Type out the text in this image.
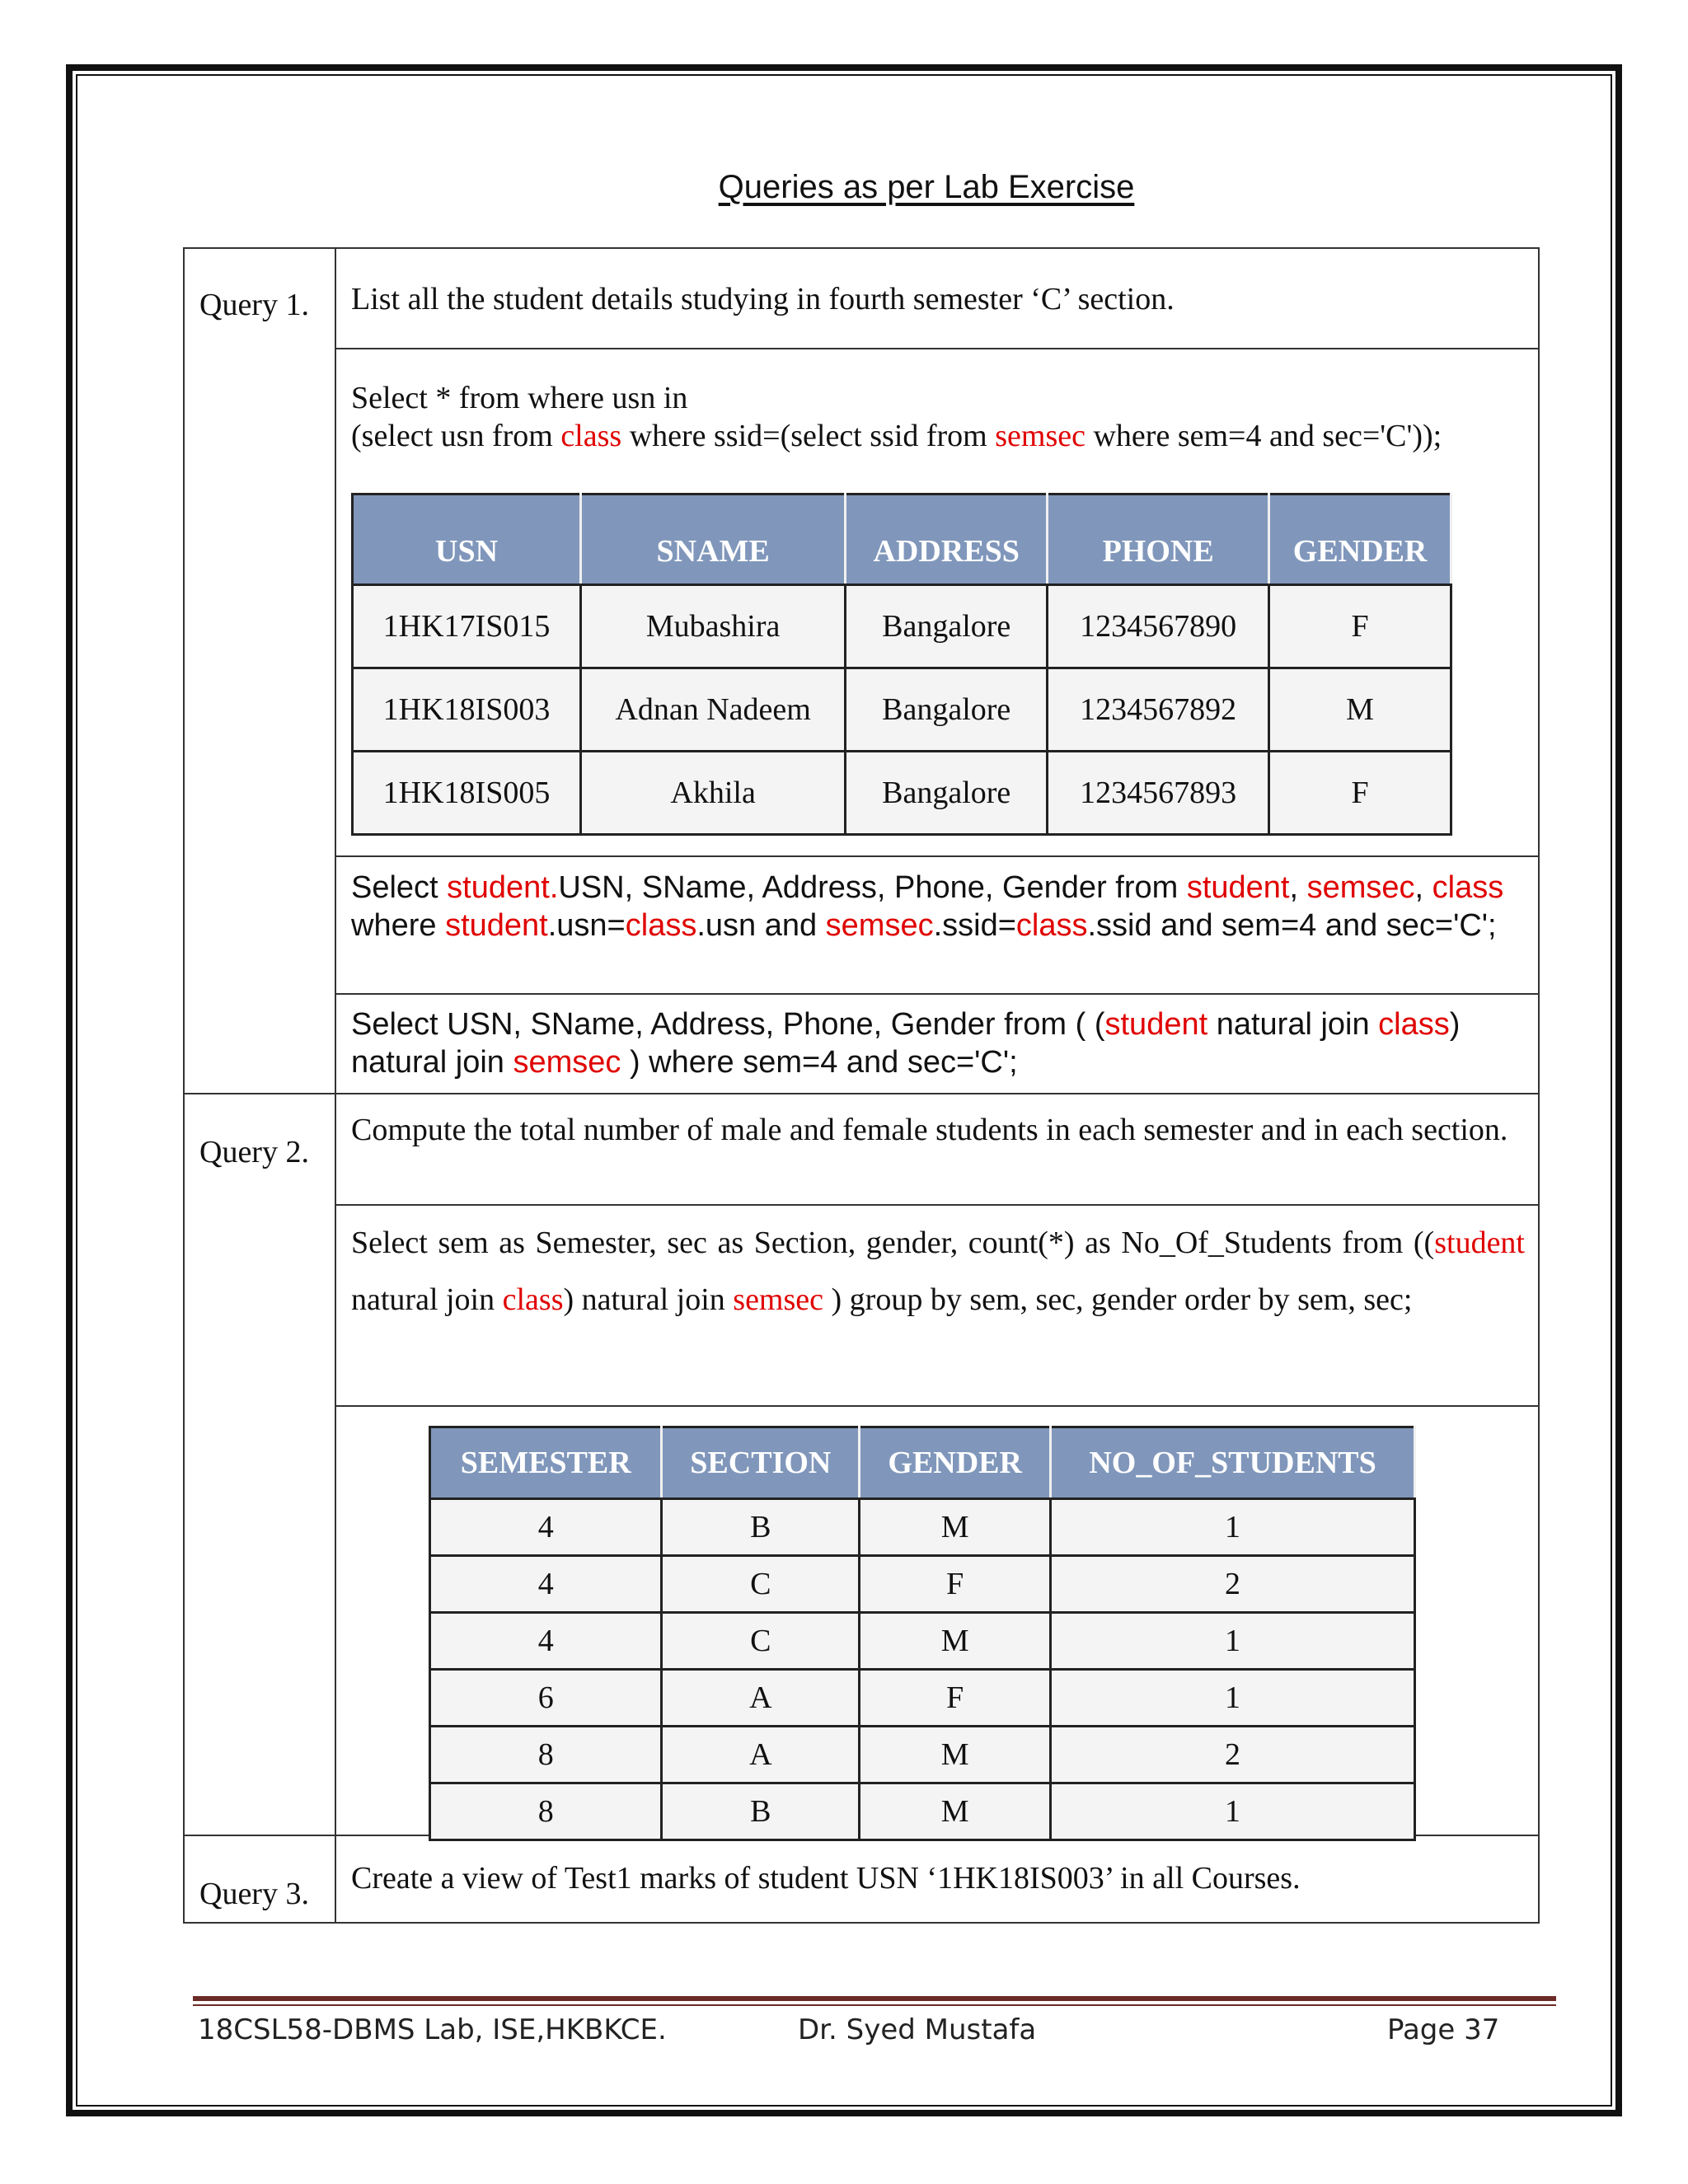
Queries as per Lab Exercise
Query 1. List all the student details studying in fourth semester ‘C’ section.
Select * from where usn in
(select usn from class where ssid=(select ssid from semsec where sem=4 and sec='C'));
USN	SNAME	ADDRESS	PHONE	GENDER
1HK17IS015	Mubashira	Bangalore	1234567890	F
1HK18IS003	Adnan Nadeem	Bangalore	1234567892	M
1HK18IS005	Akhila	Bangalore	1234567893	F
Select student.USN, SName, Address, Phone, Gender from student, semsec, class where student.usn=class.usn and semsec.ssid=class.ssid and sem=4 and sec='C';
Select USN, SName, Address, Phone, Gender from ( (student natural join class) natural join semsec ) where sem=4 and sec='C';
Query 2.
Compute the total number of male and female students in each semester and in each section.
Select sem as Semester, sec as Section, gender, count(*) as No_Of_Students from ((student natural join class) natural join semsec ) group by sem, sec, gender order by sem, sec;
SEMESTER	SECTION	GENDER	NO_OF_STUDENTS
4	B	M	1
4	C	F	2
4	C	M	1
6	A	F	1
8	A	M	2
8	B	M	1
Query 3. Create a view of Test1 marks of student USN ‘1HK18IS003’ in all Courses.
18CSL58-DBMS Lab, ISE,HKBKCE.	Dr. Syed Mustafa	Page 37
